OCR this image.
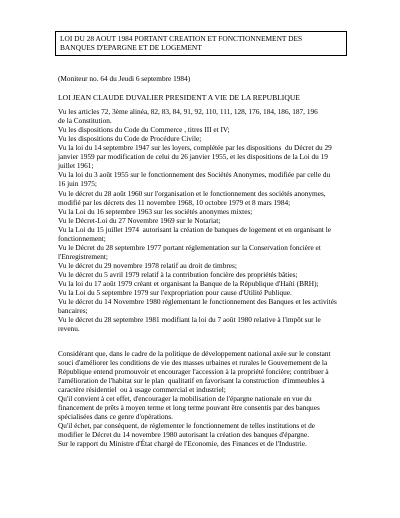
LOI DU 28 AOUT 1984 PORTANT CREATION ET FONCTIONNEMENT DES
BANQUES D'EPARGNE ET DE LOGEMENT
(Moniteur no. 64 du Jeudi 6 septembre 1984)
LOI JEAN CLAUDE DUVALIER PRESIDENT A VIE DE LA REPUBLIQUE
Vu les articles 72, 3ème alinéa, 82, 83, 84, 91, 92, 110, 111, 128, 176, 184, 186, 187, 196
de la Constitution.
Vu les dispositions du Code du Commerce , titres III et IV;
Vu les dispositions du Code de Procédure Civile;
Vu la loi du 14 septembre 1947 sur les loyers, complétée par les dispositions  du Décret du 29
janvier 1959 par modification de celui du 26 janvier 1955, et les dispositions de la Loi du 19
juillet 1961;
Vu la loi du 3 août 1955 sur le fonctionnement des Sociétés Anonymes, modifiée par celle du
16 juin 1975;
Vu le décret du 28 août 1960 sur l'organisation et le fonctionnement des sociétés anonymes,
modifié par les décrets des 11 novembre 1968, 10 octobre 1979 et 8 mars 1984;
Vu la Loi du 16 septembre 1963 sur les sociétés anonymes mixtes;
Vu le Décret-Loi du 27 Novembre 1969 sur le Notariat;
Vu la Loi du 15 juillet 1974  autorisant la création de banques de logement et en organisant le
fonctionnement;
Vu le Décret du 28 septembre 1977 portant réglementation sur la Conservation foncière et
l'Enregistrement;
Vu le décret du 29 novembre 1978 relatif au droit de timbres;
Vu le décret du 5 avril 1979 relatif à la contribution foncière des propriétés bâties;
Vu la loi du 17 août 1979 créant et organisant la Banque de la République d'Haïti (BRH);
Vu la Loi du 5 septembre 1979 sur l'expropriation pour cause d'Utilité Publique.
Vu le décret du 14 Novembre 1980 réglementant le fonctionnement des Banques et les activités
bancaires;
Vu le décret du 28 septembre 1981 modifiant la loi du 7 août 1980 relative à l'impôt sur le
revenu.
Considérant que, dans le cadre de la politique de développement national axée sur le constant
souci d'améliorer les conditions de vie des masses urbaines et rurales le Gouvernement de la
République entend promouvoir et encourager l'accession à la propriété foncière; contribuer à
l'amélioration de l'habitat sur le plan  qualitatif en favorisant la construction  d'immeubles à
caractère résidentiel  ou à usage commercial et industriel;
Qu'il convient à cet effet, d'encourager la mobilisation de l'épargne nationale en vue du
financement de prêts à moyen terme et long terme pouvant être consentis par des banques
spécialisées dans ce genre d'opérations.
Qu'il échet, par conséquent, de réglementer le fonctionnement de telles institutions et de
modifier le Décret du 14 novembre 1980 autorisant la création des banques d'épargne.
Sur le rapport du Ministre d'État chargé de l'Economie, des Finances et de l'Industrie.
